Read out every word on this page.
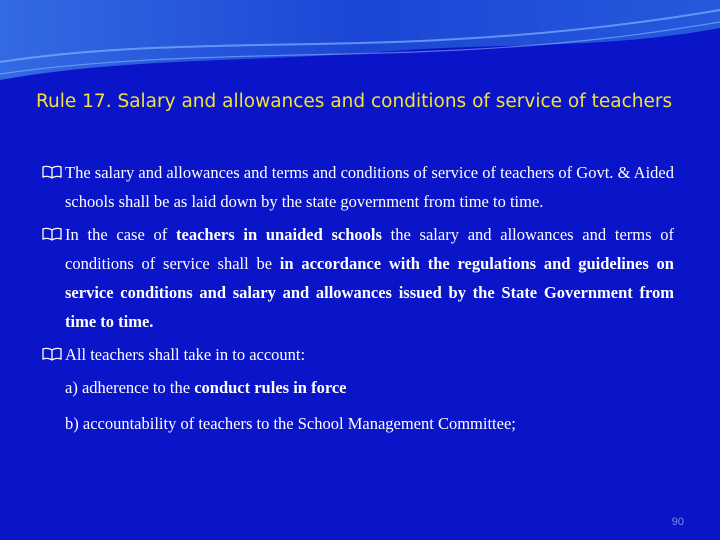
Rule 17. Salary and allowances and conditions of service of teachers

The salary and allowances and terms and conditions of service of teachers of Govt. & Aided schools shall be as laid down by the state government from time to time.

In the case of teachers in unaided schools the salary and allowances and terms of conditions of service shall be in accordance with the regulations and guidelines on service conditions and salary and allowances issued by the State Government from time to time.

All teachers shall take in to account:

a) adherence to the conduct rules in force

b) accountability of teachers to the School Management Committee;

90
